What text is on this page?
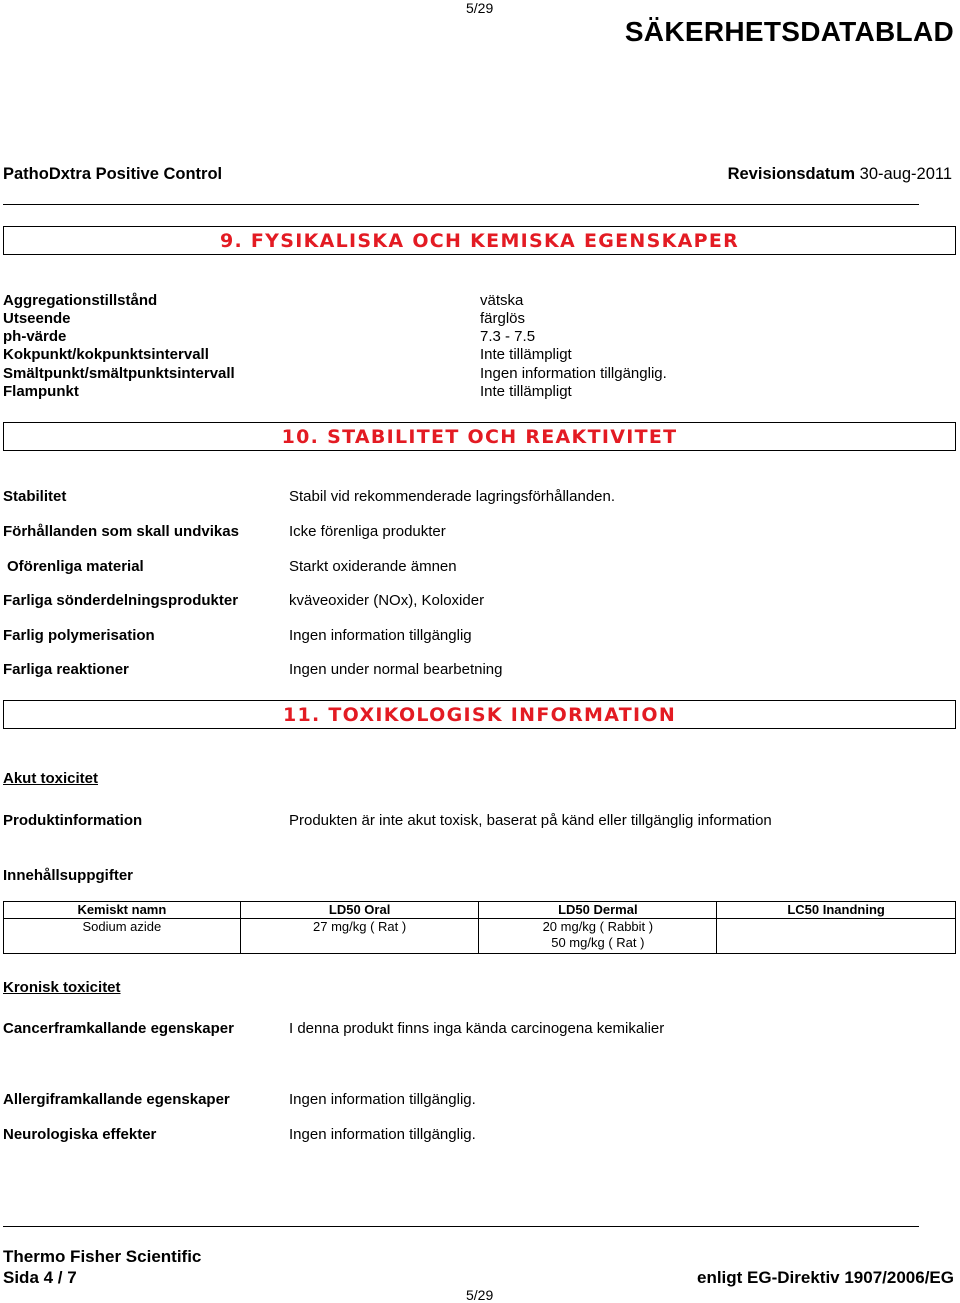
5/29
SÄKERHETSDATABLAD
PathoDxtra Positive Control	Revisionsdatum 30-aug-2011
9. FYSIKALISKA OCH KEMISKA EGENSKAPER
Aggregationstillstånd	vätska
Utseende	färglös
ph-värde	7.3 - 7.5
Kokpunkt/kokpunktsintervall	Inte tillämpligt
Smältpunkt/smältpunktsintervall	Ingen information tillgänglig.
Flampunkt	Inte tillämpligt
10. STABILITET OCH REAKTIVITET
Stabilitet	Stabil vid rekommenderade lagringsförhållanden.
Förhållanden som skall undvikas	Icke förenliga produkter
Oförenliga material	Starkt oxiderande ämnen
Farliga sönderdelningsprodukter	kväveoxider (NOx), Koloxider
Farlig polymerisation	Ingen information tillgänglig
Farliga reaktioner	Ingen under normal bearbetning
11. TOXIKOLOGISK INFORMATION
Akut toxicitet
Produktinformation	Produkten är inte akut toxisk, baserat på känd eller tillgänglig information
Innehållsuppgifter
Kemiskt namn	LD50 Oral	LD50 Dermal	LC50 Inandning
Sodium azide	27 mg/kg ( Rat )	20 mg/kg ( Rabbit )
50 mg/kg ( Rat )	

Kronisk toxicitet
Cancerframkallande egenskaper	I denna produkt finns inga kända carcinogena kemikalier
Allergiframkallande egenskaper	Ingen information tillgänglig.
Neurologiska effekter	Ingen information tillgänglig.
Thermo Fisher Scientific
Sida 4 / 7	enligt EG-Direktiv 1907/2006/EG
5/29
